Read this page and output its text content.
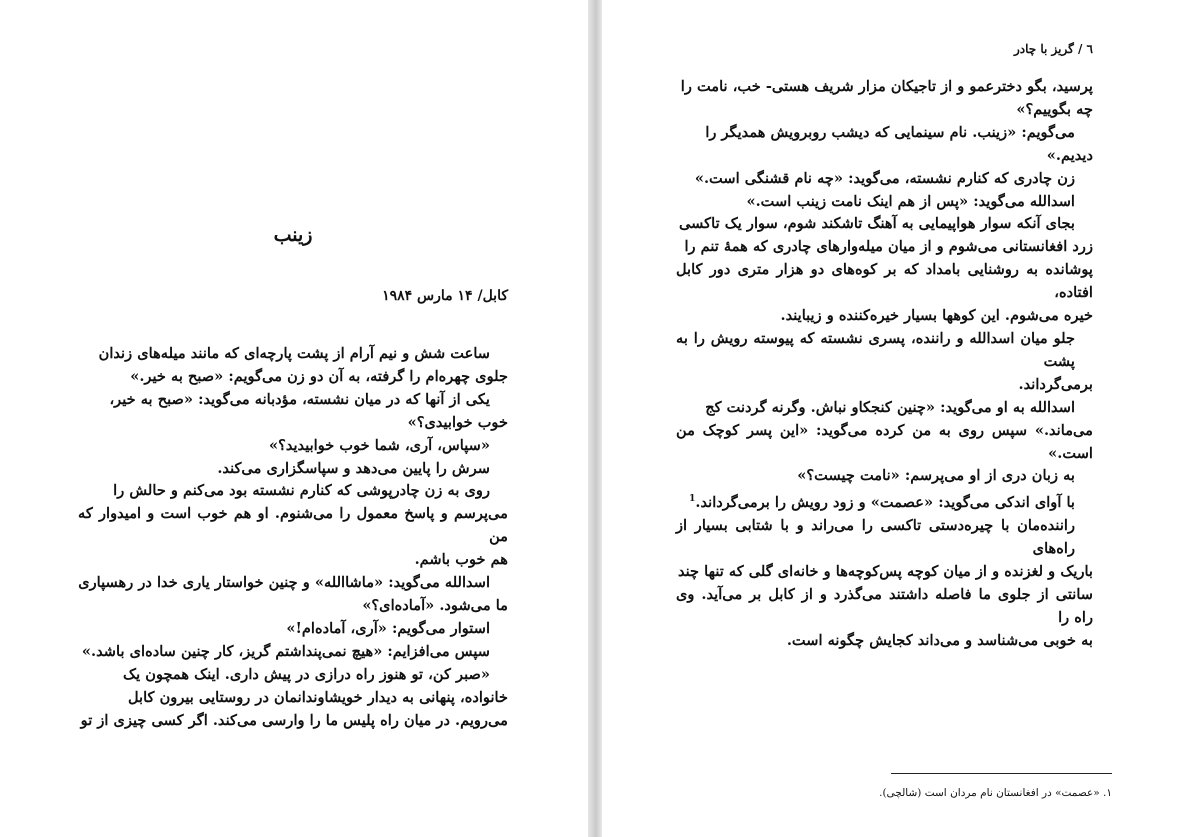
زینب
کابل/ ۱۴ مارس ۱۹۸۴

ساعت شش و نیم آرام از پشت پارچه‌ای که مانند میله‌های زندان

جلوی چهره‌ام را گرفته، به آن دو زن می‌گویم: «صبح به خیر.»

یکی از آنها که در میان نشسته، مؤدبانه می‌گوید: «صبح به خیر،

خوب خوابیدی؟»

«سپاس، آری، شما خوب خوابیدید؟»

سرش را پایین می‌دهد و سپاسگزاری می‌کند.

روی به زن چادرپوشی که کنارم نشسته بود می‌کنم و حالش را

می‌پرسم و پاسخ معمول را می‌شنوم. او هم خوب است و امیدوار که من

هم خوب باشم.

اسدالله می‌گوید: «ماشاالله» و چنین خواستار یاری خدا در رهسپاری

ما می‌شود. «آماده‌ای؟»

استوار می‌گویم: «آری، آماده‌ام!»

سپس می‌افزایم: «هیچ نمی‌پنداشتم گریز، کار چنین ساده‌ای باشد.»

«صبر کن، تو هنوز راه درازی در پیش داری. اینک همچون یک

خانواده، پنهانی به دیدار خویشاوندانمان در روستایی بیرون کابل

می‌رویم. در میان راه پلیس ما را وارسی می‌کند. اگر کسی چیزی از تو

٦ / گریز با چادر

پرسید، بگو دخترعمو و از تاجیکان مزار شریف هستی- خب، نامت را

چه بگوییم؟»

می‌گویم: «زینب. نام سینمایی که دیشب روبرویش همدیگر را

دیدیم.»

زن چادری که کنارم نشسته، می‌گوید: «چه نام قشنگی است.»

اسدالله می‌گوید: «پس از هم اینک نامت زینب است.»

بجای آنکه سوار هواپیمایی به آهنگ تاشکند شوم، سوار یک تاکسی

زرد افغانستانی می‌شوم و از میان میله‌وارهای چادری که همهٔ تنم را

پوشانده به روشنایی بامداد که بر کوه‌های دو هزار متری دور کابل افتاده،

خیره می‌شوم. این کوهها بسیار خیره‌کننده و زیبایند.

جلو میان اسدالله و راننده، پسری نشسته که پیوسته رویش را به پشت

برمی‌گرداند.

اسدالله به او می‌گوید: «چنین کنجکاو نباش. وگرنه گردنت کج

می‌ماند.» سپس روی به من کرده می‌گوید: «این پسر کوچک من است.»

به زبان دری از او می‌پرسم: «نامت چیست؟»

با آوای اندکی می‌گوید: «عصمت» و زود رویش را برمی‌گرداند.$^1$

راننده‌مان با چیره‌دستی تاکسی را می‌راند و با شتابی بسیار از راه‌های

باریک و لغزنده و از میان کوچه پس‌کوچه‌ها و خانه‌ای گلی که تنها چند

سانتی از جلوی ما فاصله داشتند می‌گذرد و از کابل بر می‌آید. وی راه را

به خوبی می‌شناسد و می‌داند کجایش چگونه است.

۱. «عصمت» در افغانستان نام مردان است (شالچی).
